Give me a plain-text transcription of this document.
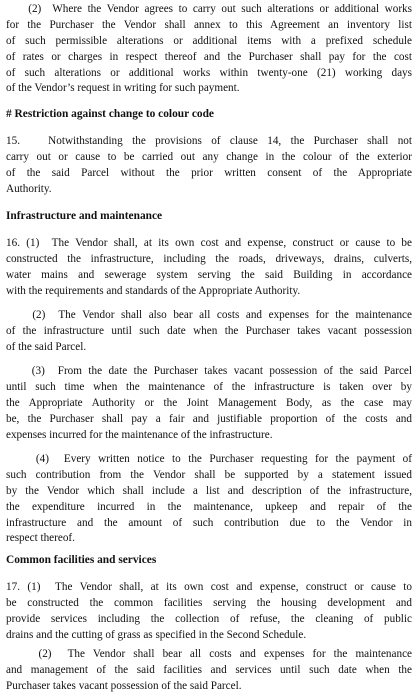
(2)  Where the Vendor agrees to carry out such alterations or additional works
for the Purchaser the Vendor shall annex to this Agreement an inventory list
of such permissible alterations or additional items with a prefixed schedule
of rates or charges in respect thereof and the Purchaser shall pay for the cost
of such alterations or additional works within twenty-one (21) working days
of the Vendor’s request in writing for such payment.
# Restriction against change to colour code
15.   Notwithstanding the provisions of clause 14, the Purchaser shall not
carry out or cause to be carried out any change in the colour of the exterior
of the said Parcel without the prior written consent of the Appropriate
Authority.
Infrastructure and maintenance
16. (1)  The Vendor shall, at its own cost and expense, construct or cause to be
constructed the infrastructure, including the roads, driveways, drains, culverts,
water mains and sewerage system serving the said Building in accordance
with the requirements and standards of the Appropriate Authority.
(2)  The Vendor shall also bear all costs and expenses for the maintenance
of the infrastructure until such date when the Purchaser takes vacant possession
of the said Parcel.
(3)  From the date the Purchaser takes vacant possession of the said Parcel
until such time when the maintenance of the infrastructure is taken over by
the Appropriate Authority or the Joint Management Body, as the case may
be, the Purchaser shall pay a fair and justifiable proportion of the costs and
expenses incurred for the maintenance of the infrastructure.
(4)  Every written notice to the Purchaser requesting for the payment of
such contribution from the Vendor shall be supported by a statement issued
by the Vendor which shall include a list and description of the infrastructure,
the expenditure incurred in the maintenance, upkeep and repair of the
infrastructure and the amount of such contribution due to the Vendor in
respect thereof.
Common facilities and services
17. (1)  The Vendor shall, at its own cost and expense, construct or cause to
be constructed the common facilities serving the housing development and
provide services including the collection of refuse, the cleaning of public
drains and the cutting of grass as specified in the Second Schedule.
(2)  The Vendor shall bear all costs and expenses for the maintenance
and management of the said facilities and services until such date when the
Purchaser takes vacant possession of the said Parcel.
